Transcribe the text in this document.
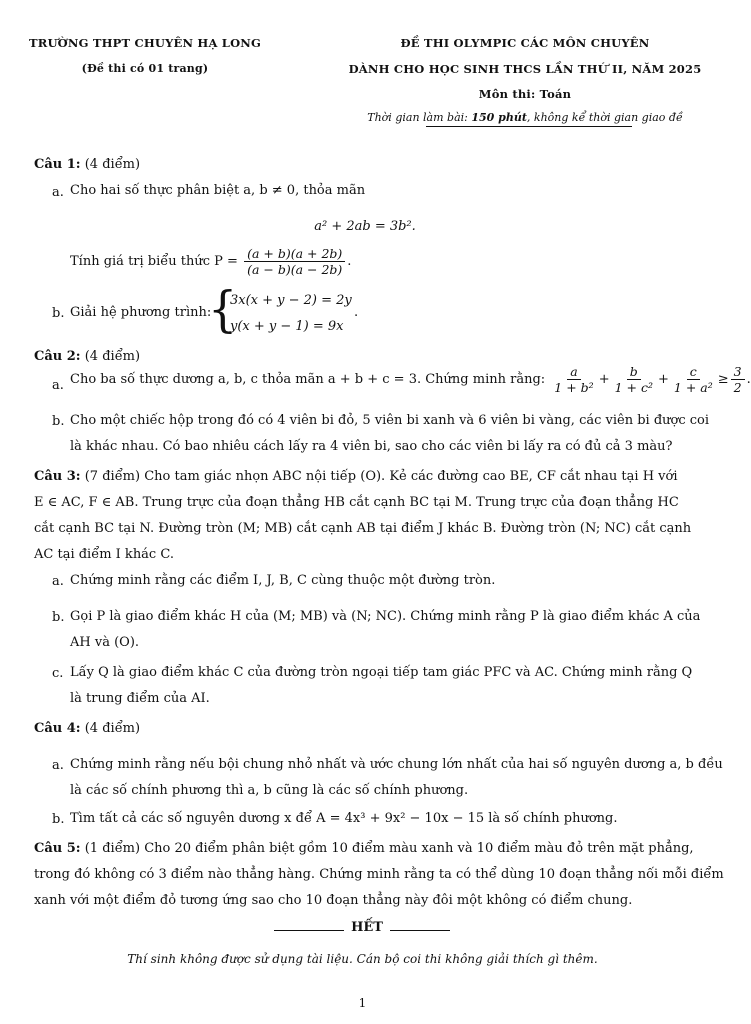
TRƯỜNG THPT CHUYÊN HẠ LONG
(Đề thi có 01 trang)
ĐỀ THI OLYMPIC CÁC MÔN CHUYÊN
DÀNH CHO HỌC SINH THCS LẦN THỨ II, NĂM 2025
Môn thi: Toán
Thời gian làm bài: 150 phút, không kể thời gian giao đề
Câu 1: (4 điểm)
a. Cho hai số thực phân biệt a, b ≠ 0, thỏa mãn
a² + 2ab = 3b².
Tính giá trị biểu thức $P = \frac{(a + b)(a + 2b)}{(a - b)(a - 2b)}$ .
b. Giải hệ phương trình:
{
3x(x + y − 2) = 2y
y(x + y − 1) = 9x
.
Câu 2: (4 điểm)
a. Cho ba số thực dương a, b, c thỏa mãn a + b + c = 3. Chứng minh rằng: $\frac{a}{\text{1 + b²}} + \frac{b}{\text{1 + c²}} + \frac{c}{\text{1 + a²}} \ge \frac{3}{2}$ .
b. Cho một chiếc hộp trong đó có 4 viên bi đỏ, 5 viên bi xanh và 6 viên bi vàng, các viên bi được coi
là khác nhau. Có bao nhiêu cách lấy ra 4 viên bi, sao cho các viên bi lấy ra có đủ cả 3 màu?
Câu 3: (7 điểm) Cho tam giác nhọn ABC nội tiếp (O). Kẻ các đường cao BE, CF cắt nhau tại H với
E ∈ AC, F ∈ AB. Trung trực của đoạn thẳng HB cắt cạnh BC tại M. Trung trực của đoạn thẳng HC
cắt cạnh BC tại N. Đường tròn (M; MB) cắt cạnh AB tại điểm J khác B. Đường tròn (N; NC) cắt cạnh
AC tại điểm I khác C.
a. Chứng minh rằng các điểm I, J, B, C cùng thuộc một đường tròn.
b. Gọi P là giao điểm khác H của (M; MB) và (N; NC). Chứng minh rằng P là giao điểm khác A của
AH và (O).
c. Lấy Q là giao điểm khác C của đường tròn ngoại tiếp tam giác PFC và AC. Chứng minh rằng Q
là trung điểm của AI.
Câu 4: (4 điểm)
a. Chứng minh rằng nếu bội chung nhỏ nhất và ước chung lớn nhất của hai số nguyên dương a, b đều
là các số chính phương thì a, b cũng là các số chính phương.
b. Tìm tất cả các số nguyên dương x để A = 4x³ + 9x² − 10x − 15 là số chính phương.
Câu 5: (1 điểm) Cho 20 điểm phân biệt gồm 10 điểm màu xanh và 10 điểm màu đỏ trên mặt phẳng,
trong đó không có 3 điểm nào thẳng hàng. Chứng minh rằng ta có thể dùng 10 đoạn thẳng nối mỗi điểm
xanh với một điểm đỏ tương ứng sao cho 10 đoạn thẳng này đôi một không có điểm chung.
HẾT
Thí sinh không được sử dụng tài liệu. Cán bộ coi thi không giải thích gì thêm.
1
